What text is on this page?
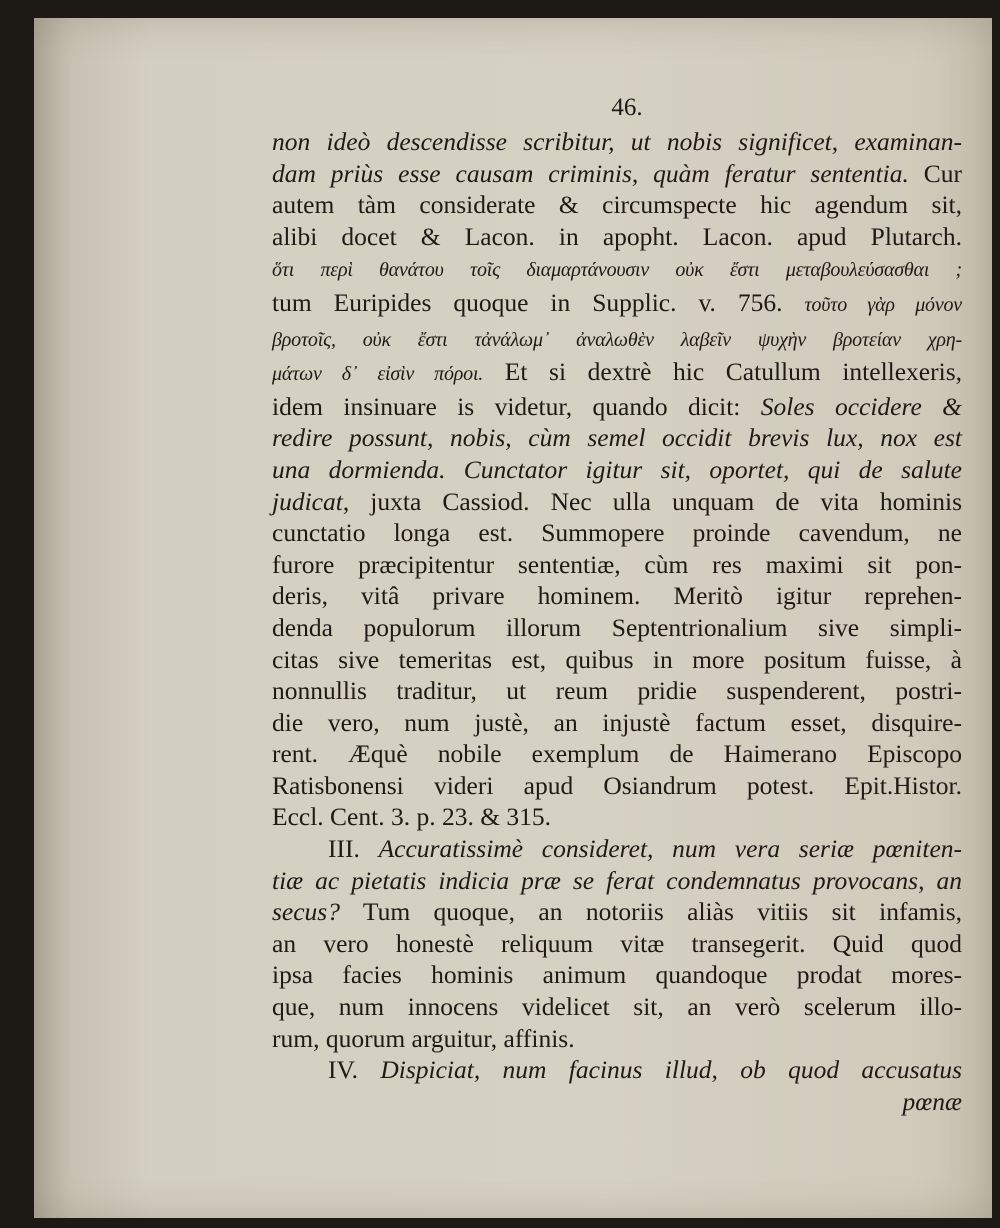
46.
non ideò descendisse scribitur, ut nobis significet, examinan-
dam priùs esse causam criminis, quàm feratur sententia. Cur
autem tàm considerate & circumspecte hic agendum sit,
alibi docet & Lacon. in apopht. Lacon. apud Plutarch.
ὅτι περὶ θανάτου τοῖς διαμαρτάνουσιν οὐκ ἔστι μεταβουλεύσασθαι ;
tum Euripides quoque in Supplic. v. 756. τοῦτο γὰρ μόνον
βροτοῖς, οὐκ ἔστι τἀνάλωμ᾽ ἀναλωθὲν λαβεῖν ψυχὴν βροτείαν χρη-
μάτων δ᾽ εἰσὶν πόροι. Et si dextrè hic Catullum intellexeris,
idem insinuare is videtur, quando dicit: Soles occidere &
redire possunt, nobis, cùm semel occidit brevis lux, nox est
una dormienda. Cunctator igitur sit, oportet, qui de salute
judicat, juxta Cassiod. Nec ulla unquam de vita hominis
cunctatio longa est. Summopere proinde cavendum, ne
furore præcipitentur sententiæ, cùm res maximi sit pon-
deris, vitâ privare hominem. Meritò igitur reprehen-
denda populorum illorum Septentrionalium sive simpli-
citas sive temeritas est, quibus in more positum fuisse, à
nonnullis traditur, ut reum pridie suspenderent, postri-
die vero, num justè, an injustè factum esset, disquire-
rent. Æquè nobile exemplum de Haimerano Episcopo
Ratisbonensi videri apud Osiandrum potest. Epit.Histor.
Eccl. Cent. 3. p. 23. & 315.
III. Accuratissimè consideret, num vera seriæ pœniten-
tiæ ac pietatis indicia præ se ferat condemnatus provocans, an
secus? Tum quoque, an notoriis aliàs vitiis sit infamis,
an vero honestè reliquum vitæ transegerit. Quid quod
ipsa facies hominis animum quandoque prodat mores-
que, num innocens videlicet sit, an verò scelerum illo-
rum, quorum arguitur, affinis.
IV. Dispiciat, num facinus illud, ob quod accusatus
pœnæ
